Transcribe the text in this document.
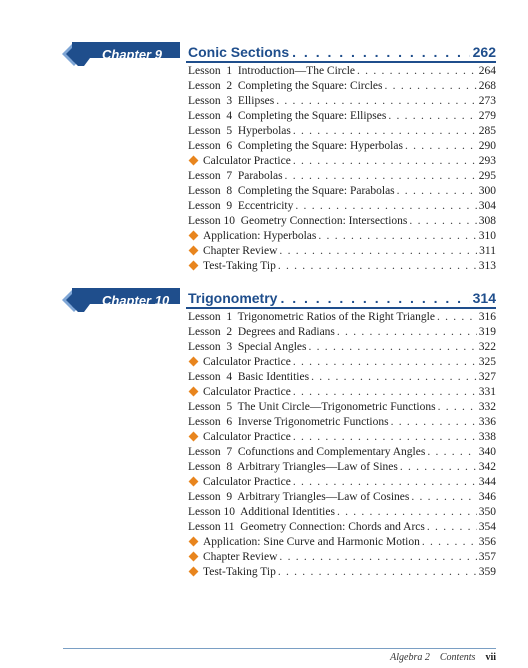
Chapter 9 Conic Sections . . .	262
Lesson  1  Introduction—The Circle . . .	264
Lesson  2  Completing the Square: Circles . . .	268
Lesson  3  Ellipses . . .	273
Lesson  4  Completing the Square: Ellipses . . .	279
Lesson  5  Hyperbolas . . .	285
Lesson  6  Completing the Square: Hyperbolas . . .	290
Calculator Practice . . .	293
Lesson  7  Parabolas . . .	295
Lesson  8  Completing the Square: Parabolas . . .	300
Lesson  9  Eccentricity . . .	304
Lesson 10  Geometry Connection: Intersections . . .	308
Application: Hyperbolas . . .	310
Chapter Review . . .	311
Test-Taking Tip . . .	313
Chapter 10 Trigonometry . . .	314
Lesson  1  Trigonometric Ratios of the Right Triangle . . .	316
Lesson  2  Degrees and Radians . . .	319
Lesson  3  Special Angles . . .	322
Calculator Practice . . .	325
Lesson  4  Basic Identities . . .	327
Calculator Practice . . .	331
Lesson  5  The Unit Circle—Trigonometric Functions . . .	332
Lesson  6  Inverse Trigonometric Functions . . .	336
Calculator Practice . . .	338
Lesson  7  Cofunctions and Complementary Angles . . .	340
Lesson  8  Arbitrary Triangles—Law of Sines . . .	342
Calculator Practice . . .	344
Lesson  9  Arbitrary Triangles—Law of Cosines . . .	346
Lesson 10  Additional Identities . . .	350
Lesson 11  Geometry Connection: Chords and Arcs . . .	354
Application: Sine Curve and Harmonic Motion . . .	356
Chapter Review . . .	357
Test-Taking Tip . . .	359
Algebra 2 Contents vii
